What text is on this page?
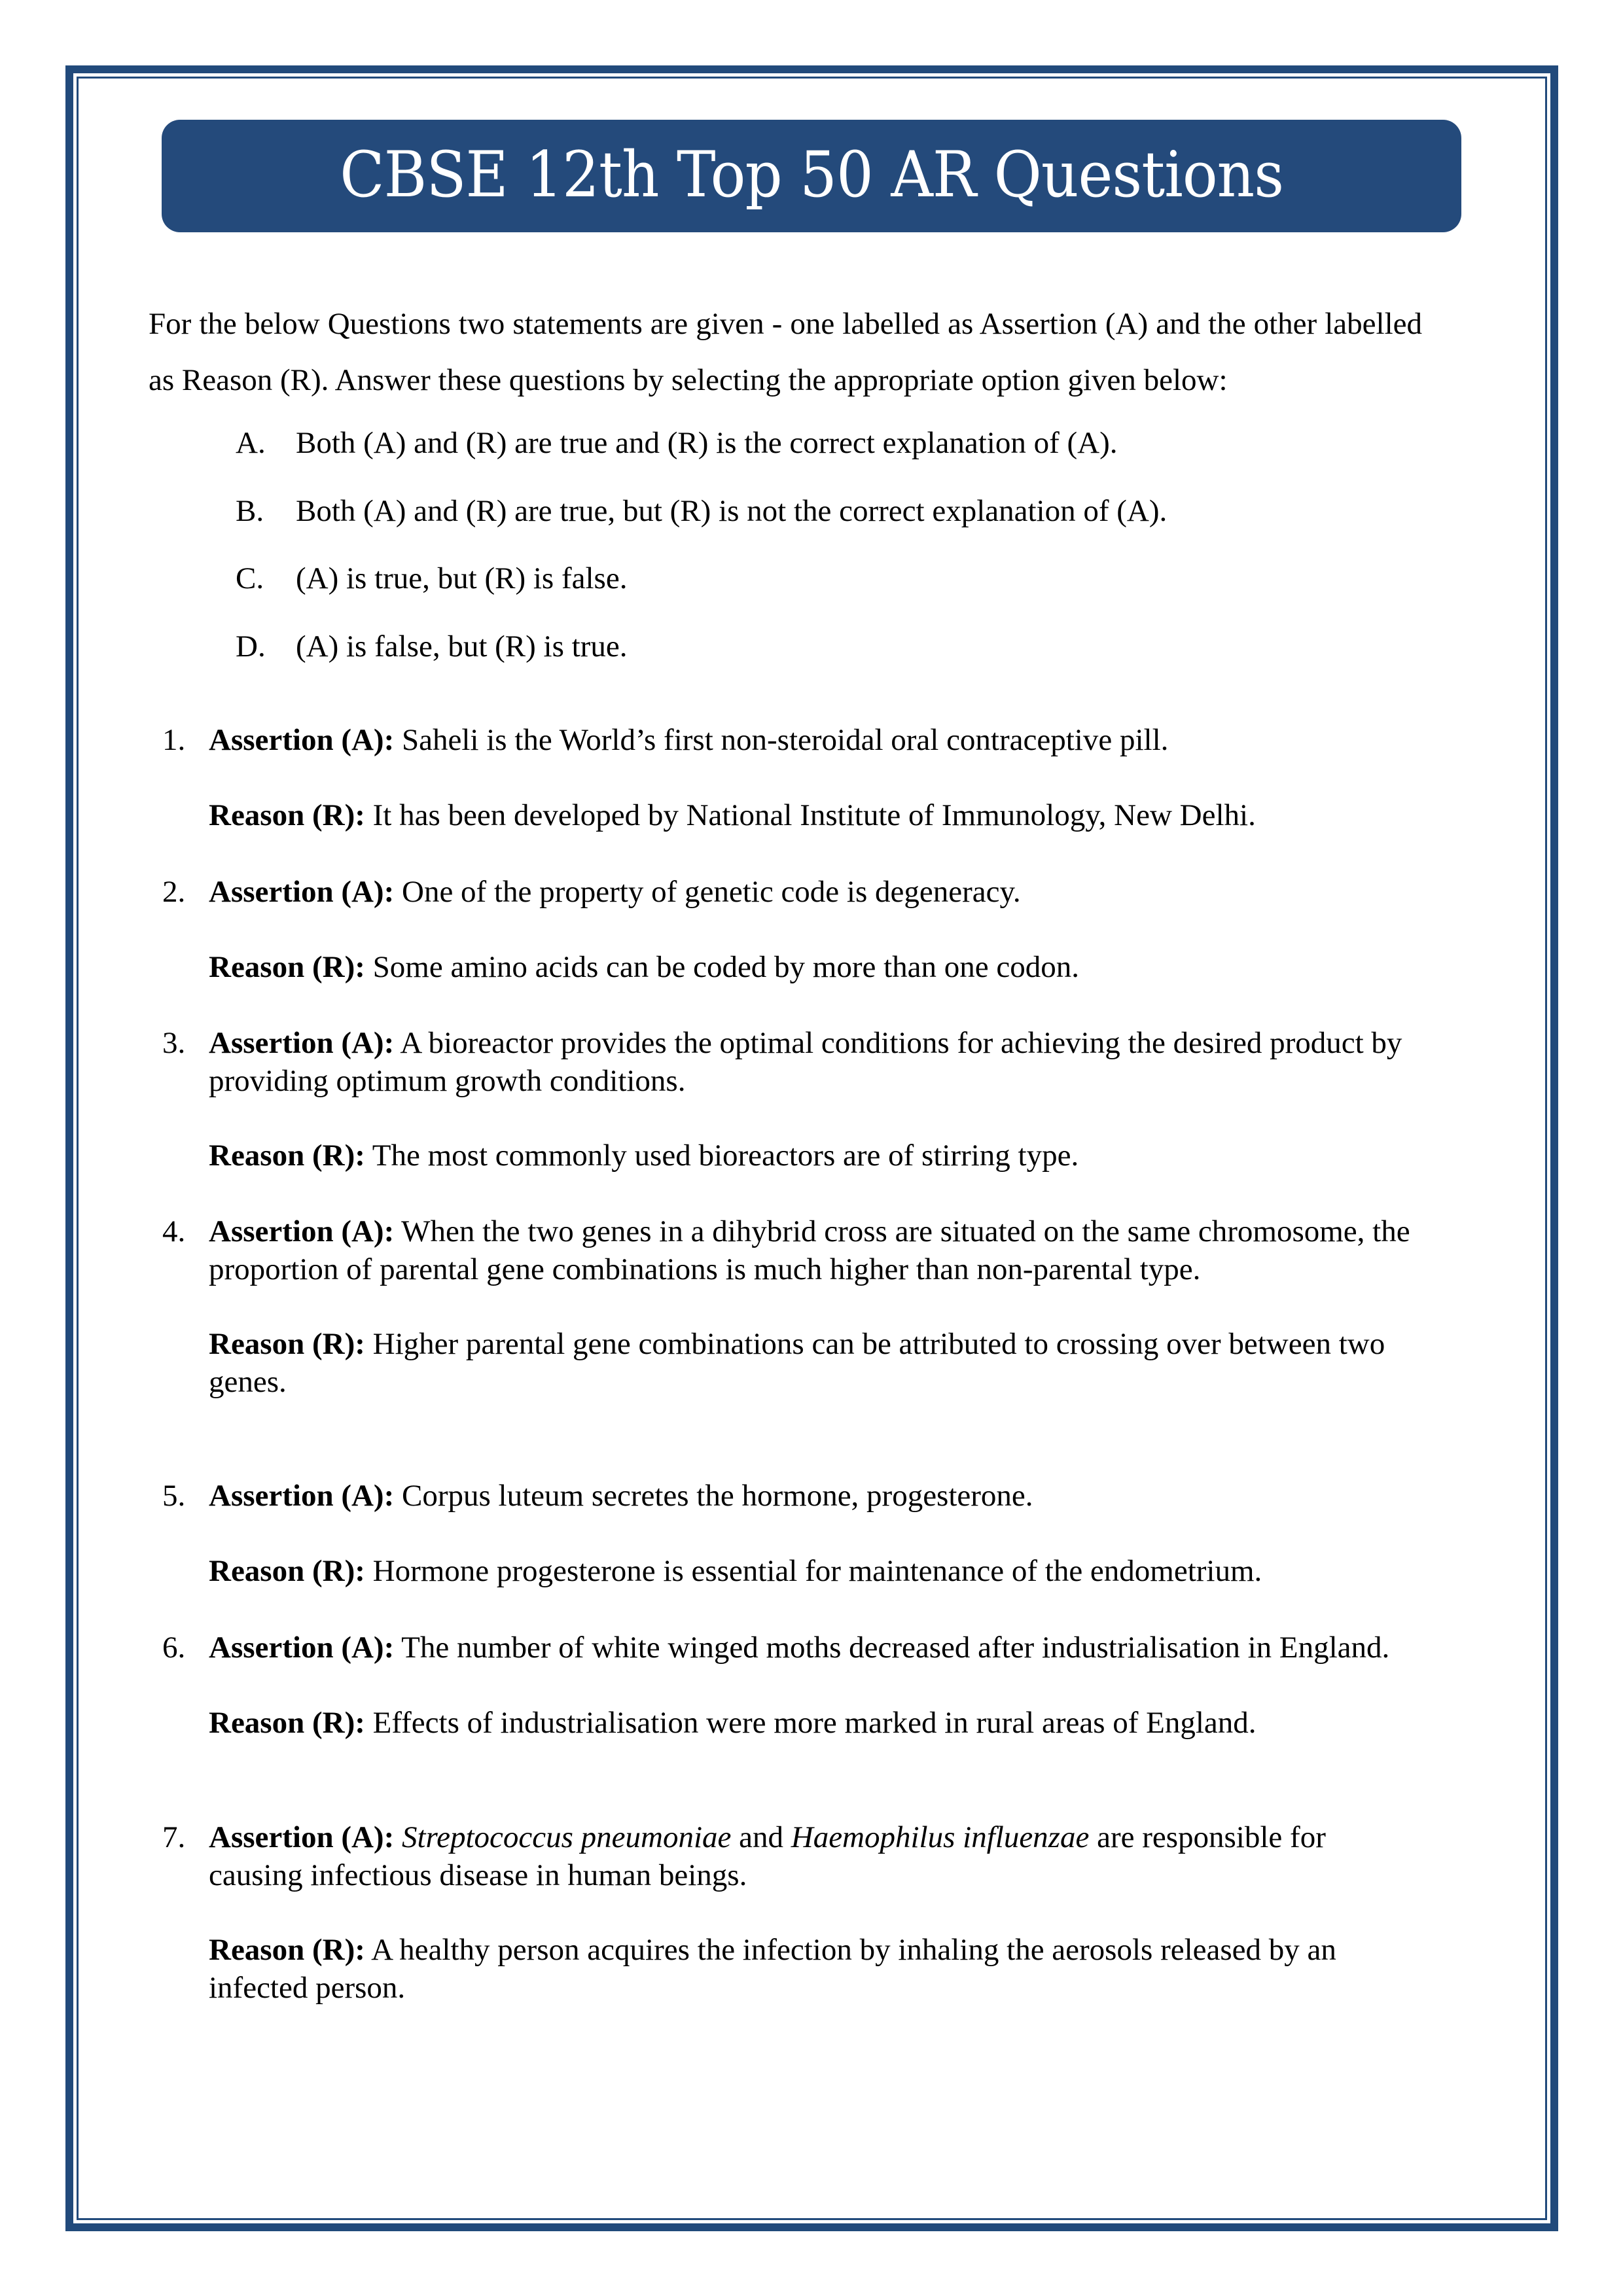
CBSE 12th Top 50 AR Questions

For the below Questions two statements are given - one labelled as Assertion (A) and the other labelled as Reason (R). Answer these questions by selecting the appropriate option given below:

A. Both (A) and (R) are true and (R) is the correct explanation of (A).
B. Both (A) and (R) are true, but (R) is not the correct explanation of (A).
C. (A) is true, but (R) is false.
D. (A) is false, but (R) is true.
1. Assertion (A): Saheli is the World’s first non-steroidal oral contraceptive pill.

Reason (R): It has been developed by National Institute of Immunology, New Delhi.

2. Assertion (A): One of the property of genetic code is degeneracy.

Reason (R): Some amino acids can be coded by more than one codon.

3. Assertion (A): A bioreactor provides the optimal conditions for achieving the desired product by providing optimum growth conditions.

Reason (R): The most commonly used bioreactors are of stirring type.

4. Assertion (A): When the two genes in a dihybrid cross are situated on the same chromosome, the proportion of parental gene combinations is much higher than non-parental type.

Reason (R): Higher parental gene combinations can be attributed to crossing over between two genes.

5. Assertion (A): Corpus luteum secretes the hormone, progesterone.

Reason (R): Hormone progesterone is essential for maintenance of the endometrium.

6. Assertion (A): The number of white winged moths decreased after industrialisation in England.

Reason (R): Effects of industrialisation were more marked in rural areas of England.

7. Assertion (A): Streptococcus pneumoniae and Haemophilus influenzae are responsible for causing infectious disease in human beings.

Reason (R): A healthy person acquires the infection by inhaling the aerosols released by an infected person.
